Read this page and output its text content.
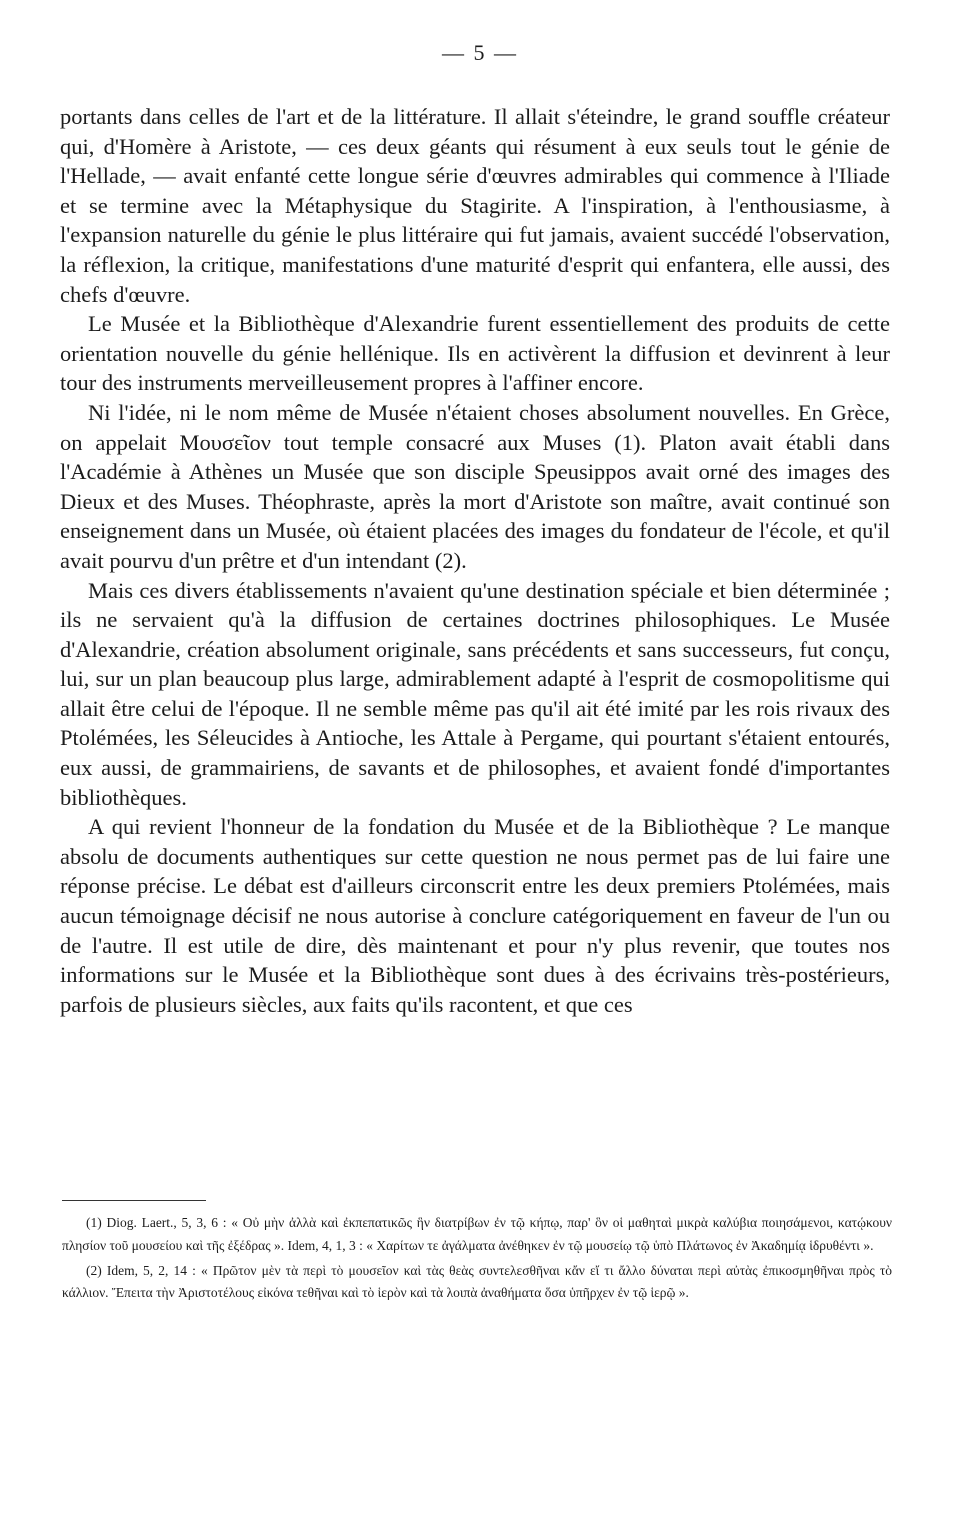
— 5 —

portants dans celles de l'art et de la littérature. Il allait s'éteindre, le grand souffle créateur qui, d'Homère à Aristote, — ces deux géants qui résument à eux seuls tout le génie de l'Hellade, — avait enfanté cette longue série d'œuvres admirables qui commence à l'Iliade et se termine avec la Métaphysique du Stagirite. A l'inspiration, à l'enthousiasme, à l'expansion naturelle du génie le plus littéraire qui fut jamais, avaient succédé l'observation, la réflexion, la critique, manifestations d'une maturité d'esprit qui enfantera, elle aussi, des chefs d'œuvre.

Le Musée et la Bibliothèque d'Alexandrie furent essentiellement des produits de cette orientation nouvelle du génie hellénique. Ils en activèrent la diffusion et devinrent à leur tour des instruments merveilleusement propres à l'affiner encore.

Ni l'idée, ni le nom même de Musée n'étaient choses absolument nouvelles. En Grèce, on appelait Μουσεῖον tout temple consacré aux Muses (1). Platon avait établi dans l'Académie à Athènes un Musée que son disciple Speusippos avait orné des images des Dieux et des Muses. Théophraste, après la mort d'Aristote son maître, avait continué son enseignement dans un Musée, où étaient placées des images du fondateur de l'école, et qu'il avait pourvu d'un prêtre et d'un intendant (2).

Mais ces divers établissements n'avaient qu'une destination spéciale et bien déterminée ; ils ne servaient qu'à la diffusion de certaines doctrines philosophiques. Le Musée d'Alexandrie, création absolument originale, sans précédents et sans successeurs, fut conçu, lui, sur un plan beaucoup plus large, admirablement adapté à l'esprit de cosmopolitisme qui allait être celui de l'époque. Il ne semble même pas qu'il ait été imité par les rois rivaux des Ptolémées, les Séleucides à Antioche, les Attale à Pergame, qui pourtant s'étaient entourés, eux aussi, de grammairiens, de savants et de philosophes, et avaient fondé d'importantes bibliothèques.

A qui revient l'honneur de la fondation du Musée et de la Bibliothèque ? Le manque absolu de documents authentiques sur cette question ne nous permet pas de lui faire une réponse précise. Le débat est d'ailleurs circonscrit entre les deux premiers Ptolémées, mais aucun témoignage décisif ne nous autorise à conclure catégoriquement en faveur de l'un ou de l'autre. Il est utile de dire, dès maintenant et pour n'y plus revenir, que toutes nos informations sur le Musée et la Bibliothèque sont dues à des écrivains très-postérieurs, parfois de plusieurs siècles, aux faits qu'ils racontent, et que ces

(1) Diog. Laert., 5, 3, 6 : « Οὐ μὴν ἀλλὰ καὶ ἐκπεπατικῶς ἣν διατρίβων ἐν τῷ κήπῳ, παρ' ὃν οἱ μαθηταὶ μικρὰ καλύβια ποιησάμενοι, κατῴκουν πλησίον τοῦ μουσείου καὶ τῆς ἐξέδρας ». Idem, 4, 1, 3 : « Χαρίτων τε ἀγάλματα ἀνέθηκεν ἐν τῷ μουσείῳ τῷ ὑπὸ Πλάτωνος ἐν Ἀκαδημίᾳ ἱδρυθέντι ».

(2) Idem, 5, 2, 14 : « Πρῶτον μὲν τὰ περὶ τὸ μουσεῖον καὶ τὰς θεὰς συντελεσθῆναι κἄν εἴ τι ἄλλο δύναται περὶ αὐτὰς ἐπικοσμηθῆναι πρὸς τὸ κάλλιον. Ἔπειτα τὴν Ἀριστοτέλους εἰκόνα τεθῆναι καὶ τὸ ἱερὸν καὶ τὰ λοιπὰ ἀναθήματα ὅσα ὑπῆρχεν ἐν τῷ ἱερῷ ».
